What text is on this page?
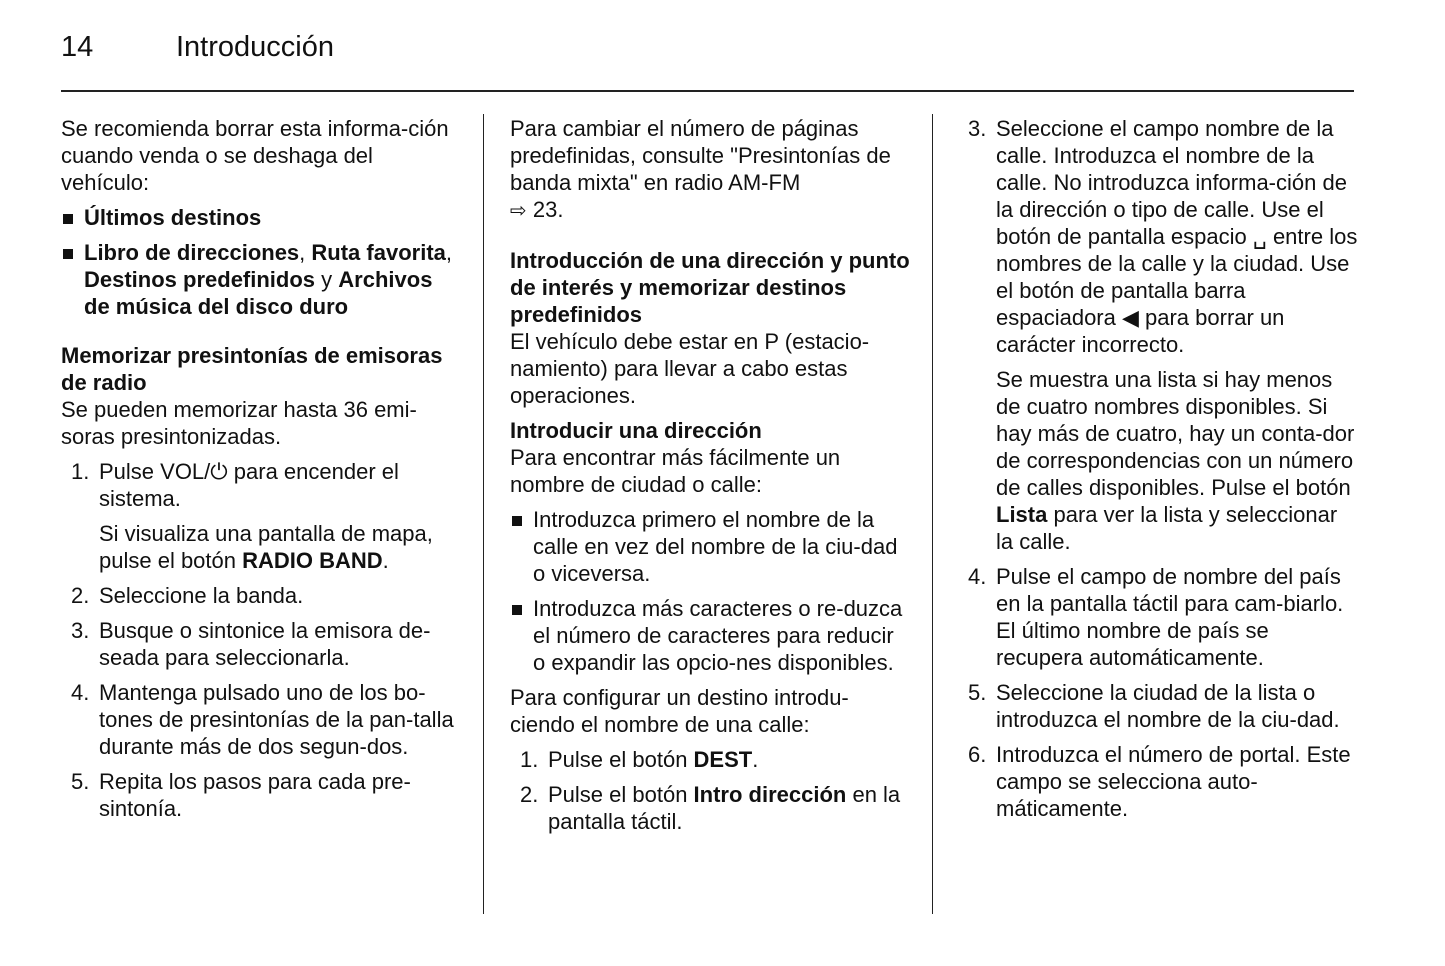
14	Introducción

Se recomienda borrar esta informa-ción cuando venda o se deshaga del vehículo:

Últimos destinos
Libro de direcciones, Ruta favorita, Destinos predefinidos y Archivos de música del disco duro

Memorizar presintonías de emisoras de radio

Se pueden memorizar hasta 36 emi-soras presintonizadas.

1. Pulse VOL/⏻ para encender el sistema.
Si visualiza una pantalla de mapa, pulse el botón RADIO BAND.
2. Seleccione la banda.
3. Busque o sintonice la emisora de-seada para seleccionarla.
4. Mantenga pulsado uno de los bo-tones de presintonías de la pan-talla durante más de dos segun-dos.
5. Repita los pasos para cada pre-sintonía.

Para cambiar el número de páginas predefinidas, consulte "Presintonías de banda mixta" en radio AM-FM
⇨ 23.

Introducción de una dirección y punto de interés y memorizar destinos predefinidos

El vehículo debe estar en P (estacio-namiento) para llevar a cabo estas operaciones.

Introducir una dirección

Para encontrar más fácilmente un nombre de ciudad o calle:

Introduzca primero el nombre de la calle en vez del nombre de la ciu-dad o viceversa.
Introduzca más caracteres o re-duzca el número de caracteres para reducir o expandir las opcio-nes disponibles.

Para configurar un destino introdu-ciendo el nombre de una calle:

1. Pulse el botón DEST.
2. Pulse el botón Intro dirección en la pantalla táctil.
3. Seleccione el campo nombre de la calle. Introduzca el nombre de la calle. No introduzca informa-ción de la dirección o tipo de calle. Use el botón de pantalla espacio ␣ entre los nombres de la calle y la ciudad. Use el botón de pantalla barra espaciadora ◀ para borrar un carácter incorrecto.
Se muestra una lista si hay menos de cuatro nombres disponibles. Si hay más de cuatro, hay un conta-dor de correspondencias con un número de calles disponibles. Pulse el botón Lista para ver la lista y seleccionar la calle.
4. Pulse el campo de nombre del país en la pantalla táctil para cam-biarlo. El último nombre de país se recupera automáticamente.
5. Seleccione la ciudad de la lista o introduzca el nombre de la ciu-dad.
6. Introduzca el número de portal. Este campo se selecciona auto-máticamente.
